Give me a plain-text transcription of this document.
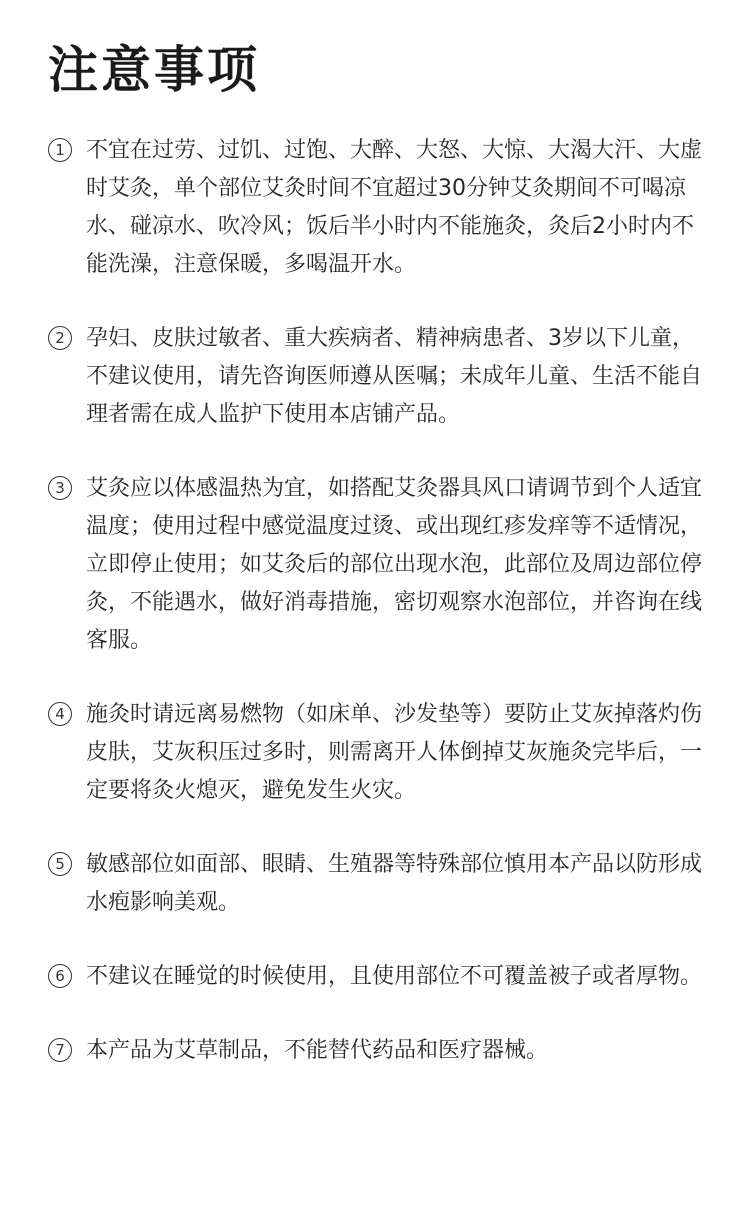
注意事项
1 不宜在过劳、过饥、过饱、大醉、大怒、大惊、大渴大汗、大虚时艾灸，单个部位艾灸时间不宜超过30分钟艾灸期间不可喝凉水、碰凉水、吹冷风；饭后半小时内不能施灸，灸后2小时内不能洗澡，注意保暖，多喝温开水。
2 孕妇、皮肤过敏者、重大疾病者、精神病患者、3岁以下儿童，不建议使用，请先咨询医师遵从医嘱；未成年儿童、生活不能自理者需在成人监护下使用本店铺产品。
3 艾灸应以体感温热为宜，如搭配艾灸器具风口请调节到个人适宜温度；使用过程中感觉温度过烫、或出现红疹发痒等不适情况，立即停止使用；如艾灸后的部位出现水泡，此部位及周边部位停灸，不能遇水，做好消毒措施，密切观察水泡部位，并咨询在线客服。
4 施灸时请远离易燃物（如床单、沙发垫等）要防止艾灰掉落灼伤皮肤，艾灰积压过多时，则需离开人体倒掉艾灰施灸完毕后，一定要将灸火熄灭，避免发生火灾。
5 敏感部位如面部、眼睛、生殖器等特殊部位慎用本产品以防形成水疱影响美观。
6 不建议在睡觉的时候使用，且使用部位不可覆盖被子或者厚物。
7 本产品为艾草制品，不能替代药品和医疗器械。
